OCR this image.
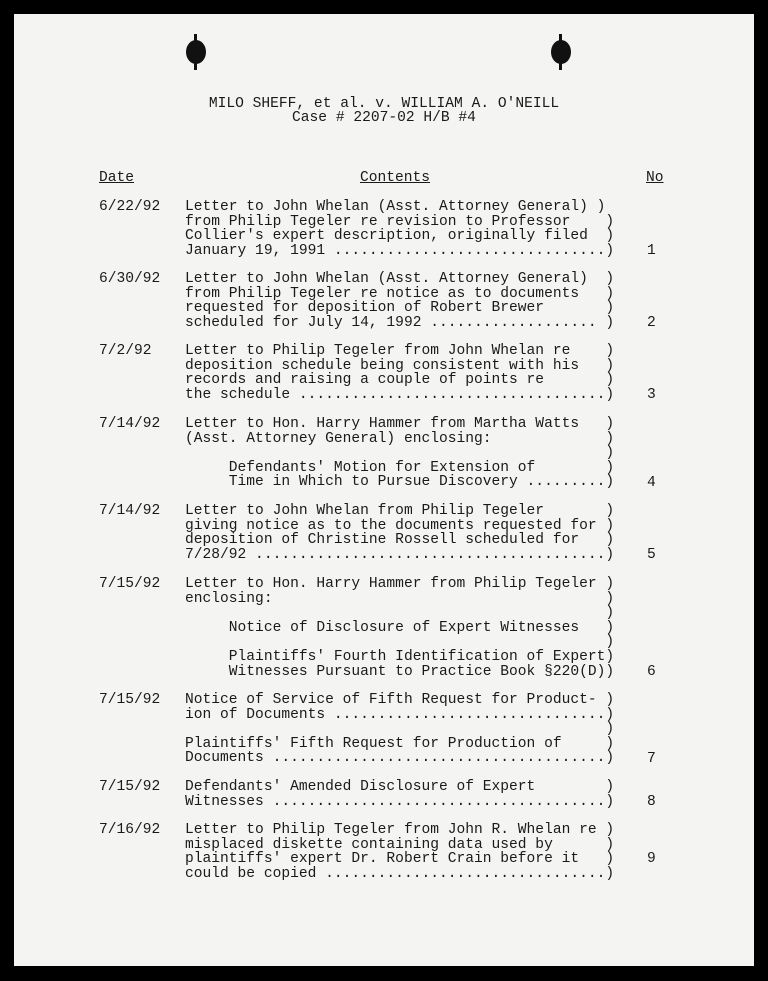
MILO SHEFF, et al. v. WILLIAM A. O'NEILL
Case # 2207-02 H/B #4
Date	Contents	No
6/22/92 Letter to John Whelan (Asst. Attorney General) )
from Philip Tegeler re revision to Professor    )
Collier's expert description, originally filed  )
January 19, 1991 ...............................) 1
6/30/92 Letter to John Whelan (Asst. Attorney General)  )
from Philip Tegeler re notice as to documents   )
requested for deposition of Robert Brewer       )
scheduled for July 14, 1992 ................... ) 2
7/2/92 Letter to Philip Tegeler from John Whelan re    )
deposition schedule being consistent with his   )
records and raising a couple of points re       )
the schedule ...................................) 3
7/14/92 Letter to Hon. Harry Hammer from Martha Watts   )
(Asst. Attorney General) enclosing:             )
)
Defendants' Motion for Extension of        )
Time in Which to Pursue Discovery .........) 4
7/14/92 Letter to John Whelan from Philip Tegeler       )
giving notice as to the documents requested for )
deposition of Christine Rossell scheduled for   )
7/28/92 ........................................) 5
7/15/92 Letter to Hon. Harry Hammer from Philip Tegeler )
enclosing:                                      )
)
Notice of Disclosure of Expert Witnesses   )
)
Plaintiffs' Fourth Identification of Expert)
Witnesses Pursuant to Practice Book §220(D)) 6
7/15/92 Notice of Service of Fifth Request for Product- )
ion of Documents ...............................)
)
Plaintiffs' Fifth Request for Production of     )
Documents ......................................) 7
7/15/92 Defendants' Amended Disclosure of Expert        )
Witnesses ......................................) 8
7/16/92 Letter to Philip Tegeler from John R. Whelan re )
misplaced diskette containing data used by      )
plaintiffs' expert Dr. Robert Crain before it   )
could be copied ................................)
9
